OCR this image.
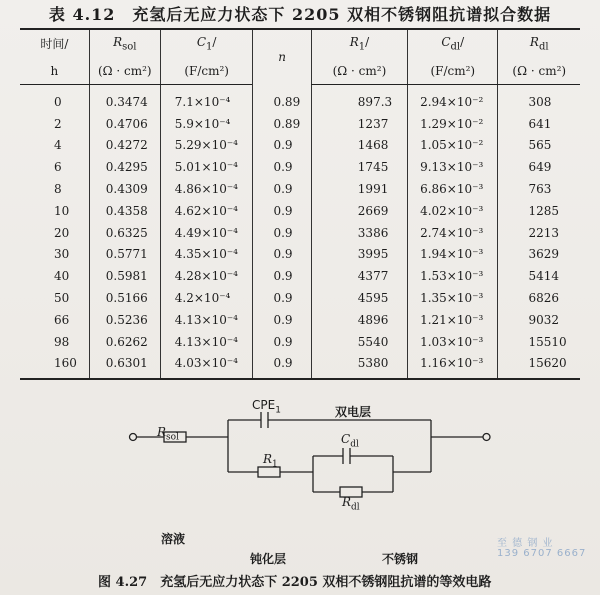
表 4.12　充氢后无应力状态下 2205 双相不锈钢阻抗谱拟合数据
时间/	$R_{sol}$	$C_1/$	n	$R_1/$	$C_{dl}/$	$R_{dl}$
h	(Ω · cm²)	(F/cm²)		(Ω · cm²)	(F/cm²)	(Ω · cm²)
0	0.3474	7.1×10⁻⁴	0.89	897.3	2.94×10⁻²	308
2	0.4706	5.9×10⁻⁴	0.89	1237	1.29×10⁻²	641
4	0.4272	5.29×10⁻⁴	0.9	1468	1.05×10⁻²	565
6	0.4295	5.01×10⁻⁴	0.9	1745	9.13×10⁻³	649
8	0.4309	4.86×10⁻⁴	0.9	1991	6.86×10⁻³	763
10	0.4358	4.62×10⁻⁴	0.9	2669	4.02×10⁻³	1285
20	0.6325	4.49×10⁻⁴	0.9	3386	2.74×10⁻³	2213
30	0.5771	4.35×10⁻⁴	0.9	3995	1.94×10⁻³	3629
40	0.5981	4.28×10⁻⁴	0.9	4377	1.53×10⁻³	5414
50	0.5166	4.2×10⁻⁴	0.9	4595	1.35×10⁻³	6826
66	0.5236	4.13×10⁻⁴	0.9	4896	1.21×10⁻³	9032
98	0.6262	4.13×10⁻⁴	0.9	5540	1.03×10⁻³	15510
160	0.6301	4.03×10⁻⁴	0.9	5380	1.16×10⁻³	15620
$R_{sol}$
$CPE_1$
$R_1$
$C_{dl}$
$R_{dl}$
双电层
溶液
钝化层	不锈钢
图 4.27　充氢后无应力状态下 2205 双相不锈钢阻抗谱的等效电路
至 德 钢 业
139 6707 6667
